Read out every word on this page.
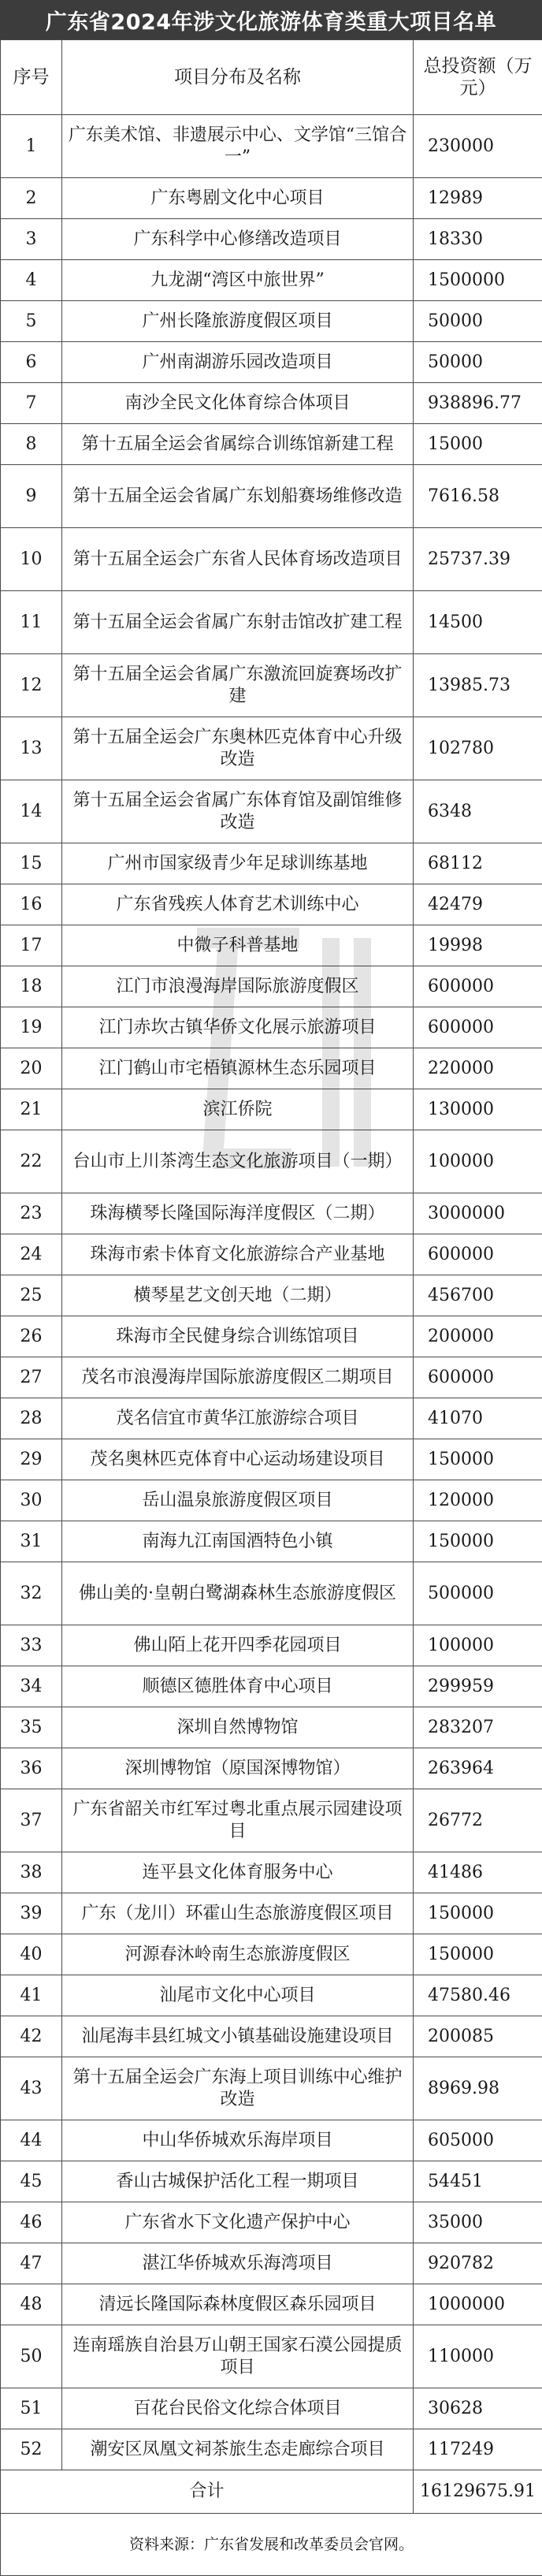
广东省2024年涉文化旅游体育类重大项目名单
序号	项目分布及名称	总投资额（万元）
1	广东美术馆、非遗展示中心、文学馆“三馆合一”	230000
2	广东粤剧文化中心项目	12989
3	广东科学中心修缮改造项目	18330
4	九龙湖“湾区中旅世界”	1500000
5	广州长隆旅游度假区项目	50000
6	广州南湖游乐园改造项目	50000
7	南沙全民文化体育综合体项目	938896.77
8	第十五届全运会省属综合训练馆新建工程	15000
9	第十五届全运会省属广东划船赛场维修改造	7616.58
10	第十五届全运会广东省人民体育场改造项目	25737.39
11	第十五届全运会省属广东射击馆改扩建工程	14500
12	第十五届全运会省属广东激流回旋赛场改扩建	13985.73
13	第十五届全运会广东奥林匹克体育中心升级改造	102780
14	第十五届全运会省属广东体育馆及副馆维修改造	6348
15	广州市国家级青少年足球训练基地	68112
16	广东省残疾人体育艺术训练中心	42479
17	中微子科普基地	19998
18	江门市浪漫海岸国际旅游度假区	600000
19	江门赤坎古镇华侨文化展示旅游项目	600000
20	江门鹤山市宅梧镇源林生态乐园项目	220000
21	滨江侨院	130000
22	台山市上川茶湾生态文化旅游项目（一期）	100000
23	珠海横琴长隆国际海洋度假区（二期）	3000000
24	珠海市索卡体育文化旅游综合产业基地	600000
25	横琴星艺文创天地（二期）	456700
26	珠海市全民健身综合训练馆项目	200000
27	茂名市浪漫海岸国际旅游度假区二期项目	600000
28	茂名信宜市黄华江旅游综合项目	41070
29	茂名奥林匹克体育中心运动场建设项目	150000
30	岳山温泉旅游度假区项目	120000
31	南海九江南国酒特色小镇	150000
32	佛山美的·皇朝白鹭湖森林生态旅游度假区	500000
33	佛山陌上花开四季花园项目	100000
34	顺德区德胜体育中心项目	299959
35	深圳自然博物馆	283207
36	深圳博物馆（原国深博物馆）	263964
37	广东省韶关市红军过粤北重点展示园建设项目	26772
38	连平县文化体育服务中心	41486
39	广东（龙川）环霍山生态旅游度假区项目	150000
40	河源春沐岭南生态旅游度假区	150000
41	汕尾市文化中心项目	47580.46
42	汕尾海丰县红城文小镇基础设施建设项目	200085
43	第十五届全运会广东海上项目训练中心维护改造	8969.98
44	中山华侨城欢乐海岸项目	605000
45	香山古城保护活化工程一期项目	54451
46	广东省水下文化遗产保护中心	35000
47	湛江华侨城欢乐海湾项目	920782
48	清远长隆国际森林度假区森乐园项目	1000000
50	连南瑶族自治县万山朝王国家石漠公园提质项目	110000
51	百花台民俗文化综合体项目	30628
52	潮安区凤凰文祠茶旅生态走廊综合项目	117249
合计		16129675.91
资料来源：广东省发展和改革委员会官网。		
